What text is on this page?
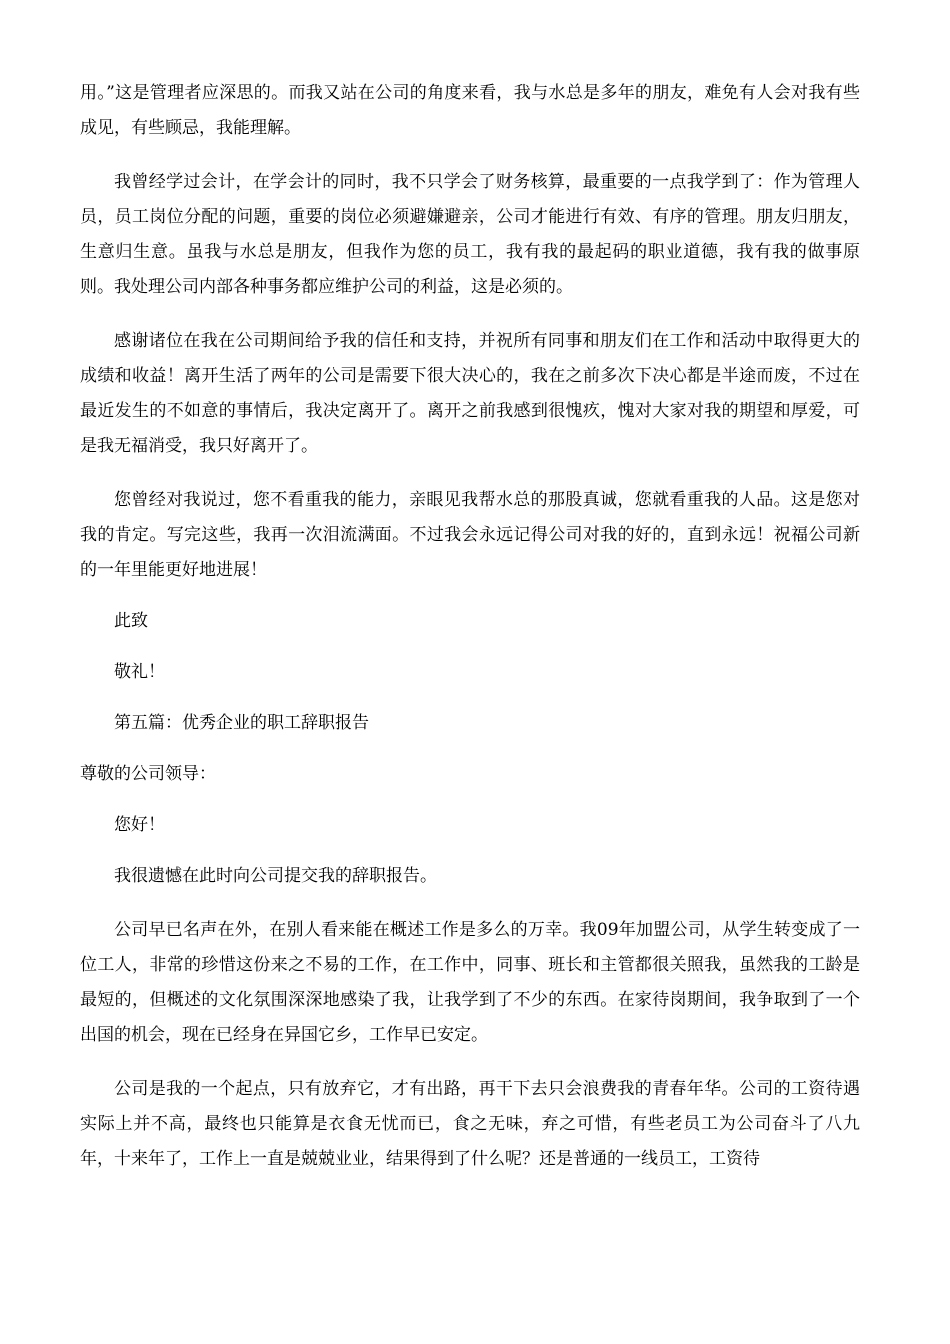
用。”这是管理者应深思的。而我又站在公司的角度来看，我与水总是多年的朋友，难免有人会对我有些成见，有些顾忌，我能理解。

我曾经学过会计，在学会计的同时，我不只学会了财务核算，最重要的一点我学到了：作为管理人员，员工岗位分配的问题，重要的岗位必须避嫌避亲，公司才能进行有效、有序的管理。朋友归朋友，生意归生意。虽我与水总是朋友，但我作为您的员工，我有我的最起码的职业道德，我有我的做事原则。我处理公司内部各种事务都应维护公司的利益，这是必须的。

感谢诸位在我在公司期间给予我的信任和支持，并祝所有同事和朋友们在工作和活动中取得更大的成绩和收益！离开生活了两年的公司是需要下很大决心的，我在之前多次下决心都是半途而废，不过在最近发生的不如意的事情后，我决定离开了。离开之前我感到很愧疚，愧对大家对我的期望和厚爱，可是我无福消受，我只好离开了。

您曾经对我说过，您不看重我的能力，亲眼见我帮水总的那股真诚，您就看重我的人品。这是您对我的肯定。写完这些，我再一次泪流满面。不过我会永远记得公司对我的好的，直到永远！祝福公司新的一年里能更好地进展！

此致

敬礼！

第五篇：优秀企业的职工辞职报告

尊敬的公司领导：

您好！

我很遗憾在此时向公司提交我的辞职报告。

公司早已名声在外，在别人看来能在概述工作是多么的万幸。我09年加盟公司，从学生转变成了一位工人，非常的珍惜这份来之不易的工作，在工作中，同事、班长和主管都很关照我，虽然我的工龄是最短的，但概述的文化氛围深深地感染了我，让我学到了不少的东西。在家待岗期间，我争取到了一个出国的机会，现在已经身在异国它乡，工作早已安定。

公司是我的一个起点，只有放弃它，才有出路，再干下去只会浪费我的青春年华。公司的工资待遇实际上并不高，最终也只能算是衣食无忧而已，食之无味，弃之可惜，有些老员工为公司奋斗了八九年，十来年了，工作上一直是兢兢业业，结果得到了什么呢？还是普通的一线员工，工资待
